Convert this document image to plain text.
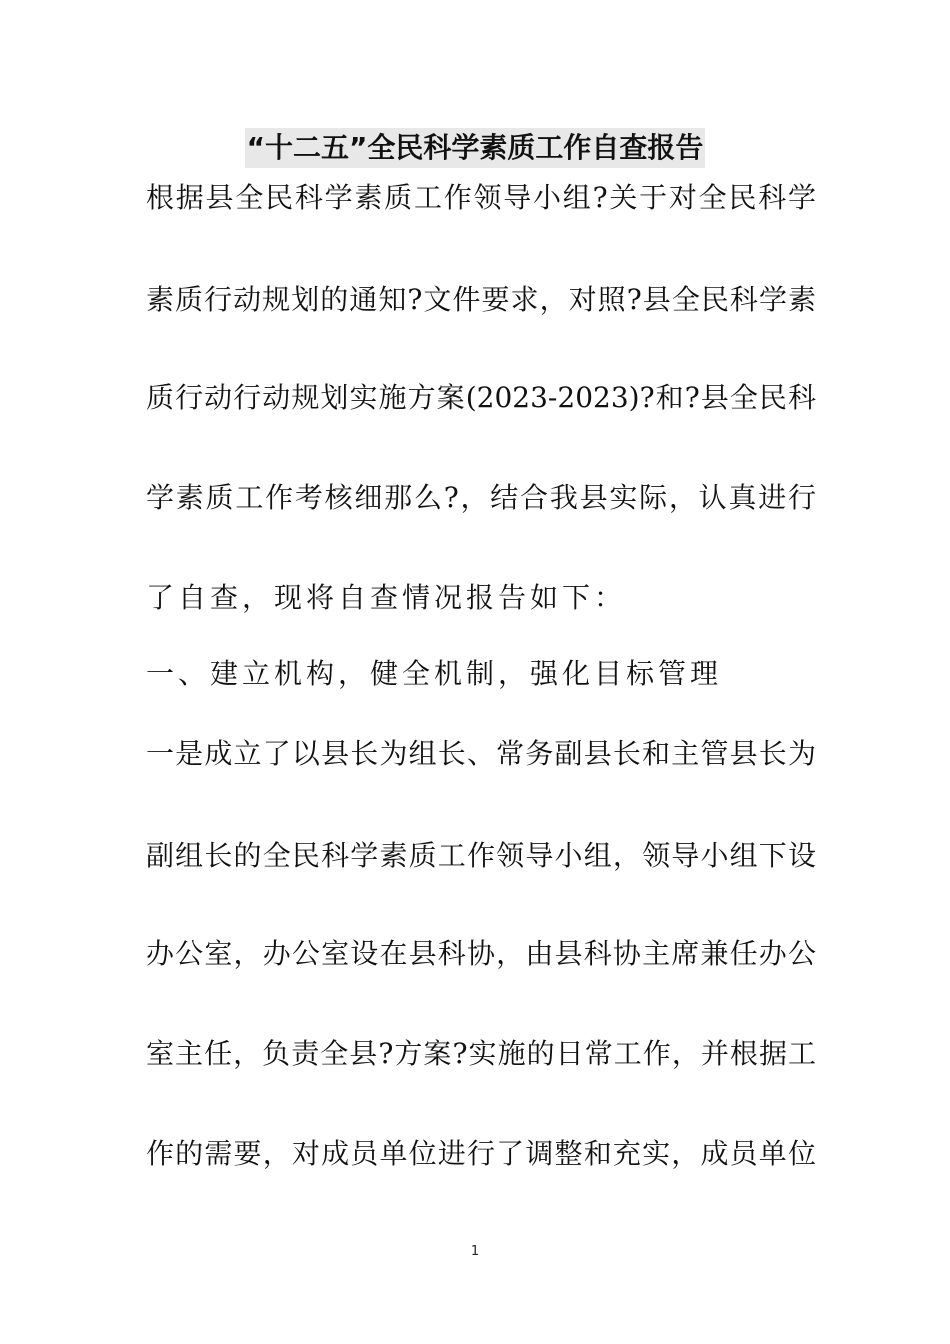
“十二五”全民科学素质工作自查报告
根据县全民科学素质工作领导小组?关于对全民科学
素质行动规划的通知?文件要求，对照?县全民科学素
质行动行动规划实施方案(2023-2023)?和?县全民科
学素质工作考核细那么?，结合我县实际，认真进行
了自查，现将自查情况报告如下：
一、建立机构，健全机制，强化目标管理
一是成立了以县长为组长、常务副县长和主管县长为
副组长的全民科学素质工作领导小组，领导小组下设
办公室，办公室设在县科协，由县科协主席兼任办公
室主任，负责全县?方案?实施的日常工作，并根据工
作的需要，对成员单位进行了调整和充实，成员单位
1
